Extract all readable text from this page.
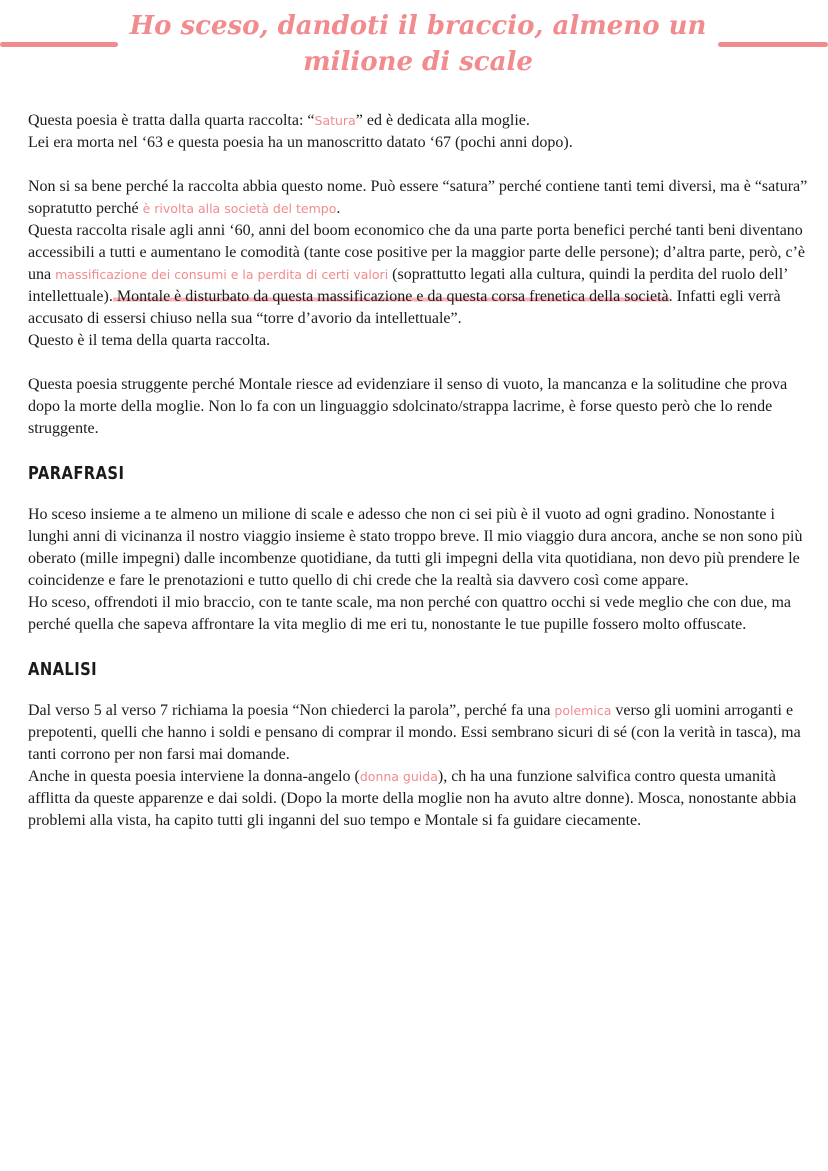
Ho sceso, dandoti il braccio, almeno un
milione di scale

Questa poesia è tratta dalla quarta raccolta: “Satura” ed è dedicata alla moglie.
Lei era morta nel ‘63 e questa poesia ha un manoscritto datato ‘67 (pochi anni dopo).

Non si sa bene perché la raccolta abbia questo nome. Può essere “satura” perché contiene tanti temi diversi, ma è “satura” sopratutto perché è rivolta alla società del tempo.
Questa raccolta risale agli anni ‘60, anni del boom economico che da una parte porta benefici perché tanti beni diventano accessibili a tutti e aumentano le comodità (tante cose positive per la maggior parte delle persone); d’altra parte, però, c’è una massificazione dei consumi e la perdita di certi valori (soprattutto legati alla cultura, quindi la perdita del ruolo dell’ intellettuale). Montale è disturbato da questa massificazione e da questa corsa frenetica della società. Infatti egli verrà accusato di essersi chiuso nella sua “torre d’avorio da intellettuale”.
Questo è il tema della quarta raccolta.

Questa poesia struggente perché Montale riesce ad evidenziare il senso di vuoto, la mancanza e la solitudine che prova dopo la morte della moglie. Non lo fa con un linguaggio sdolcinato/strappa lacrime, è forse questo però che lo rende struggente.

PARAFRASI

Ho sceso insieme a te almeno un milione di scale e adesso che non ci sei più è il vuoto ad ogni gradino. Nonostante i lunghi anni di vicinanza il nostro viaggio insieme è stato troppo breve. Il mio viaggio dura ancora, anche se non sono più oberato (mille impegni) dalle incombenze quotidiane, da tutti gli impegni della vita quotidiana, non devo più prendere le coincidenze e fare le prenotazioni e tutto quello di chi crede che la realtà sia davvero così come appare.
Ho sceso, offrendoti il mio braccio, con te tante scale, ma non perché con quattro occhi si vede meglio che con due, ma perché quella che sapeva affrontare la vita meglio di me eri tu, nonostante le tue pupille fossero molto offuscate.

ANALISI

Dal verso 5 al verso 7 richiama la poesia “Non chiederci la parola”, perché fa una polemica verso gli uomini arroganti e prepotenti, quelli che hanno i soldi e pensano di comprar il mondo. Essi sembrano sicuri di sé (con la verità in tasca), ma tanti corrono per non farsi mai domande.
Anche in questa poesia interviene la donna-angelo (donna guida), ch ha una funzione salvifica contro questa umanità afflitta da queste apparenze e dai soldi. (Dopo la morte della moglie non ha avuto altre donne). Mosca, nonostante abbia problemi alla vista, ha capito tutti gli inganni del suo tempo e Montale si fa guidare ciecamente.
